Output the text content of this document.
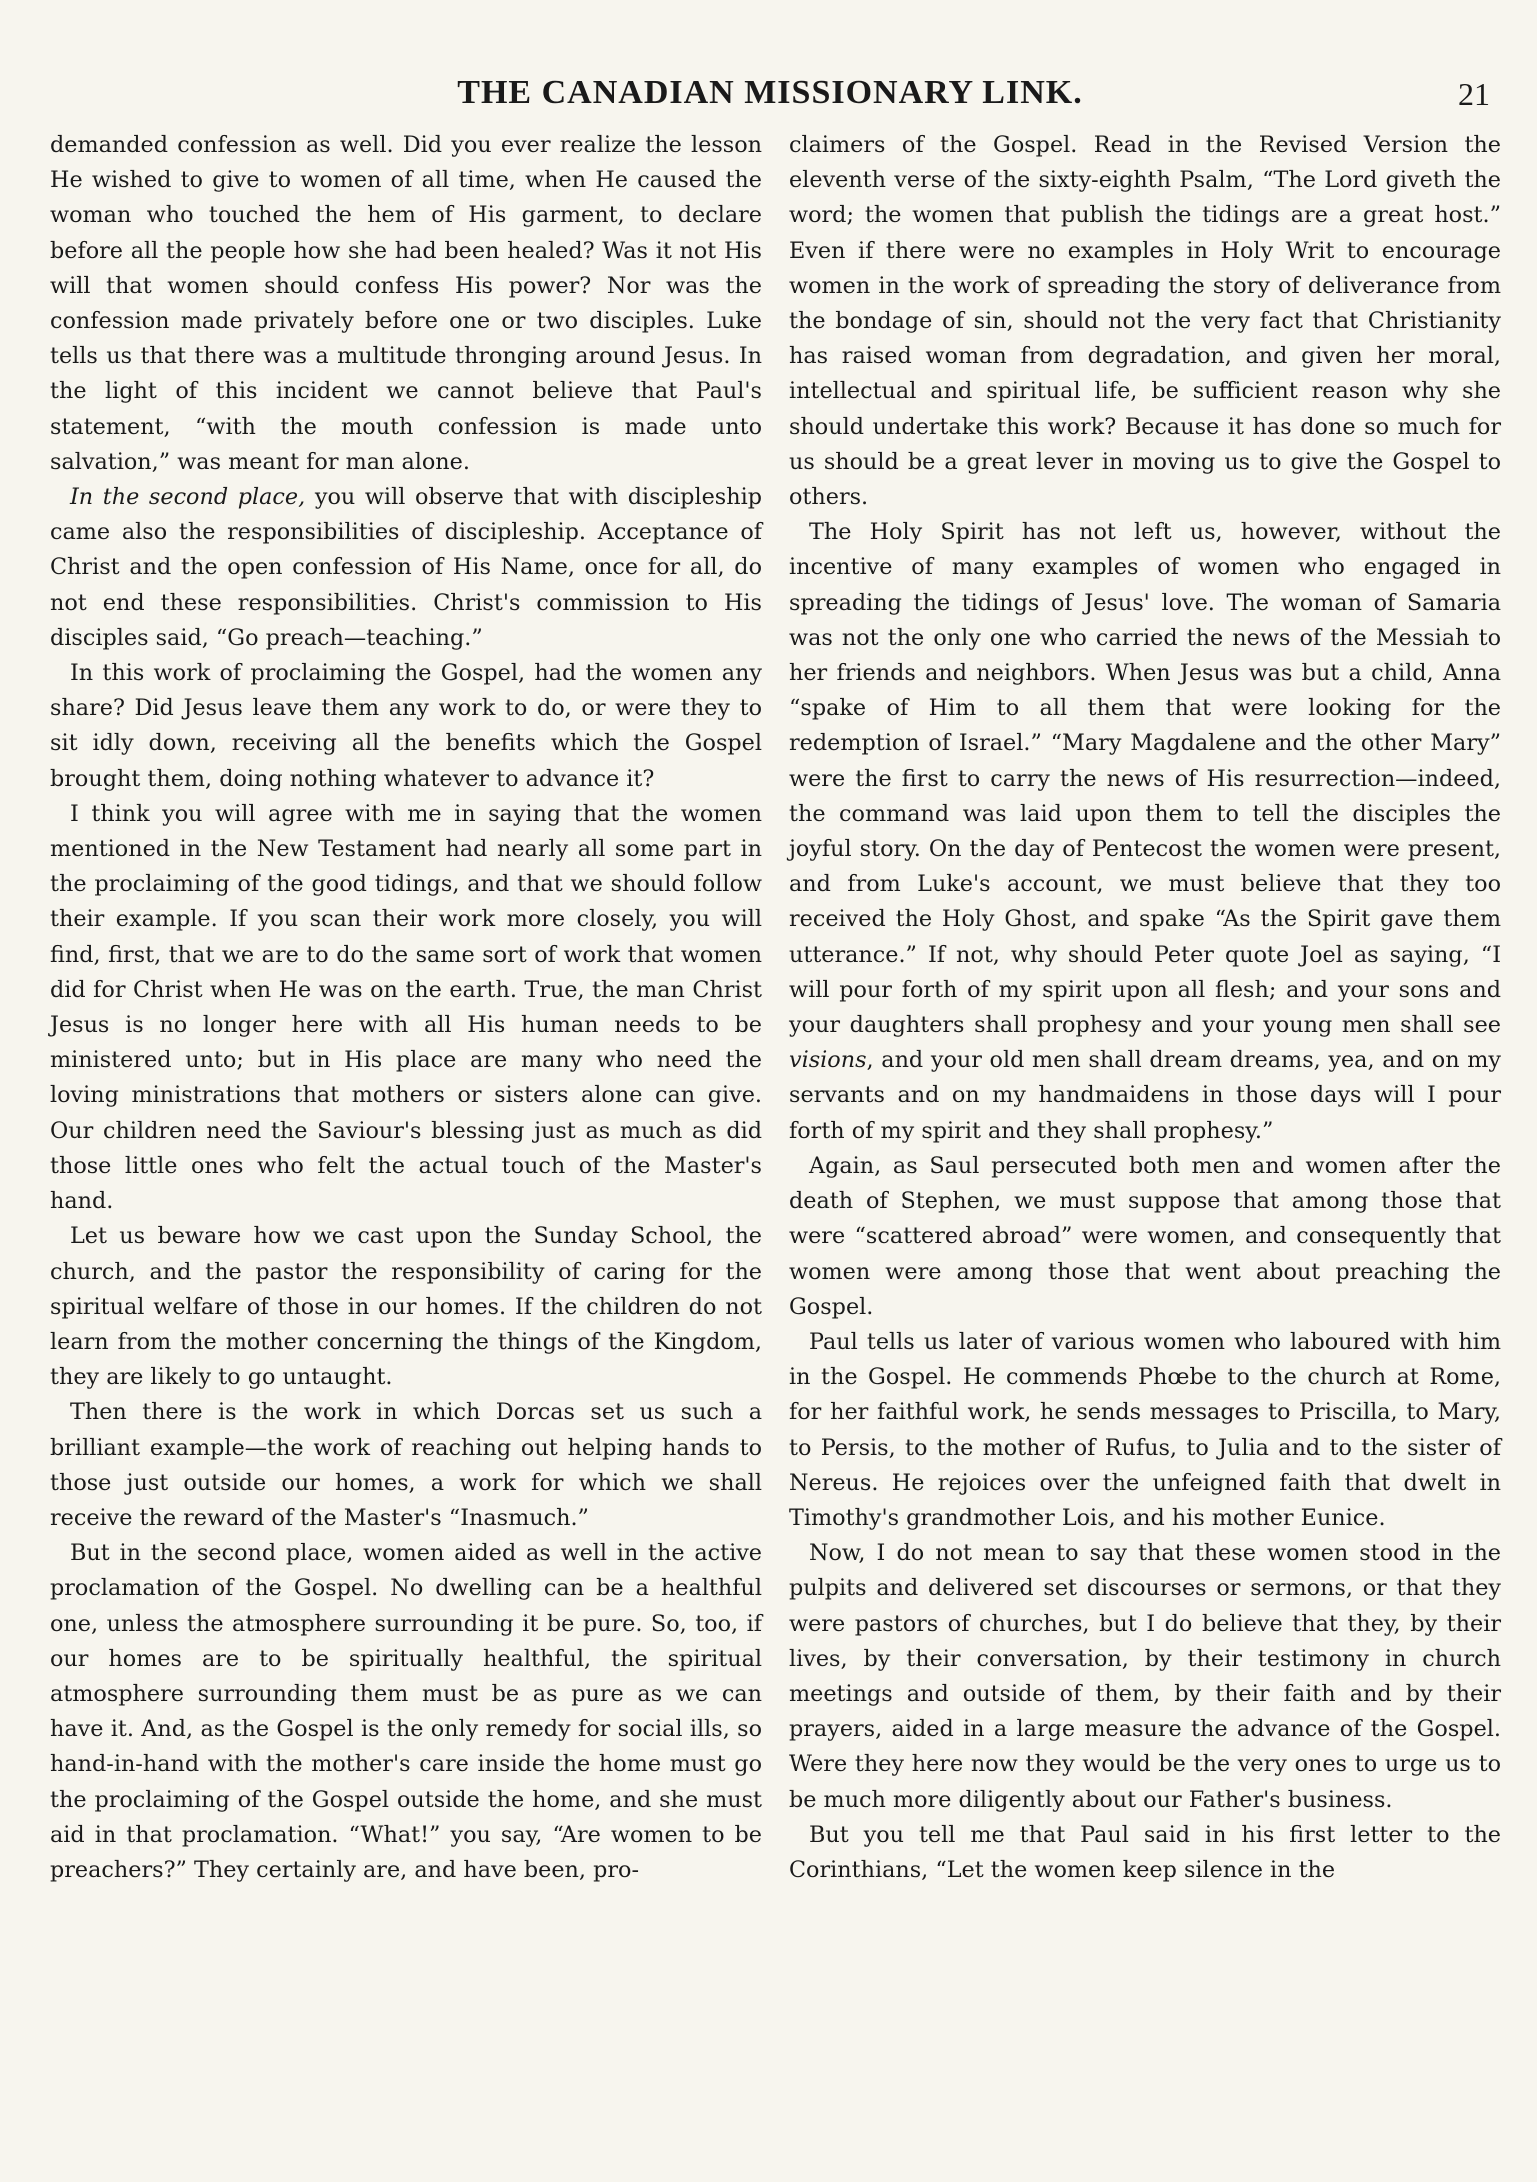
THE CANADIAN MISSIONARY LINK.	21

demanded confession as well. Did you ever realize the lesson He wished to give to women of all time, when He caused the woman who touched the hem of His garment, to declare before all the people how she had been healed? Was it not His will that women should confess His power? Nor was the confession made privately before one or two disciples. Luke tells us that there was a multitude thronging around Jesus. In the light of this incident we cannot believe that Paul's statement, “with the mouth confession is made unto salvation,” was meant for man alone.

In the second place, you will observe that with discipleship came also the responsibilities of discipleship. Acceptance of Christ and the open confession of His Name, once for all, do not end these responsibilities. Christ's commission to His disciples said, “Go preach—teaching.”

In this work of proclaiming the Gospel, had the women any share? Did Jesus leave them any work to do, or were they to sit idly down, receiving all the benefits which the Gospel brought them, doing nothing whatever to advance it?

I think you will agree with me in saying that the women mentioned in the New Testament had nearly all some part in the proclaiming of the good tidings, and that we should follow their example. If you scan their work more closely, you will find, first, that we are to do the same sort of work that women did for Christ when He was on the earth. True, the man Christ Jesus is no longer here with all His human needs to be ministered unto; but in His place are many who need the loving ministrations that mothers or sisters alone can give. Our children need the Saviour's blessing just as much as did those little ones who felt the actual touch of the Master's hand.

Let us beware how we cast upon the Sunday School, the church, and the pastor the responsibility of caring for the spiritual welfare of those in our homes. If the children do not learn from the mother concerning the things of the Kingdom, they are likely to go untaught.

Then there is the work in which Dorcas set us such a brilliant example—the work of reaching out helping hands to those just outside our homes, a work for which we shall receive the reward of the Master's “Inasmuch.”

But in the second place, women aided as well in the active proclamation of the Gospel. No dwelling can be a healthful one, unless the atmosphere surrounding it be pure. So, too, if our homes are to be spiritually healthful, the spiritual atmosphere surrounding them must be as pure as we can have it. And, as the Gospel is the only remedy for social ills, so hand-in-hand with the mother's care inside the home must go the proclaiming of the Gospel outside the home, and she must aid in that proclamation. “What!” you say, “Are women to be preachers?” They certainly are, and have been, pro-

claimers of the Gospel. Read in the Revised Version the eleventh verse of the sixty-eighth Psalm, “The Lord giveth the word; the women that publish the tidings are a great host.” Even if there were no examples in Holy Writ to encourage women in the work of spreading the story of deliverance from the bondage of sin, should not the very fact that Christianity has raised woman from degradation, and given her moral, intellectual and spiritual life, be sufficient reason why she should undertake this work? Because it has done so much for us should be a great lever in moving us to give the Gospel to others.

The Holy Spirit has not left us, however, without the incentive of many examples of women who engaged in spreading the tidings of Jesus' love. The woman of Samaria was not the only one who carried the news of the Messiah to her friends and neighbors. When Jesus was but a child, Anna “spake of Him to all them that were looking for the redemption of Israel.” “Mary Magdalene and the other Mary” were the first to carry the news of His resurrection—indeed, the command was laid upon them to tell the disciples the joyful story. On the day of Pentecost the women were present, and from Luke's account, we must believe that they too received the Holy Ghost, and spake “As the Spirit gave them utterance.” If not, why should Peter quote Joel as saying, “I will pour forth of my spirit upon all flesh; and your sons and your daughters shall prophesy and your young men shall see visions, and your old men shall dream dreams, yea, and on my servants and on my handmaidens in those days will I pour forth of my spirit and they shall prophesy.”

Again, as Saul persecuted both men and women after the death of Stephen, we must suppose that among those that were “scattered abroad” were women, and consequently that women were among those that went about preaching the Gospel.

Paul tells us later of various women who laboured with him in the Gospel. He commends Phœbe to the church at Rome, for her faithful work, he sends messages to Priscilla, to Mary, to Persis, to the mother of Rufus, to Julia and to the sister of Nereus. He rejoices over the unfeigned faith that dwelt in Timothy's grandmother Lois, and his mother Eunice.

Now, I do not mean to say that these women stood in the pulpits and delivered set discourses or sermons, or that they were pastors of churches, but I do believe that they, by their lives, by their conversation, by their testimony in church meetings and outside of them, by their faith and by their prayers, aided in a large measure the advance of the Gospel. Were they here now they would be the very ones to urge us to be much more diligently about our Father's business.

But you tell me that Paul said in his first letter to the Corinthians, “Let the women keep silence in the
